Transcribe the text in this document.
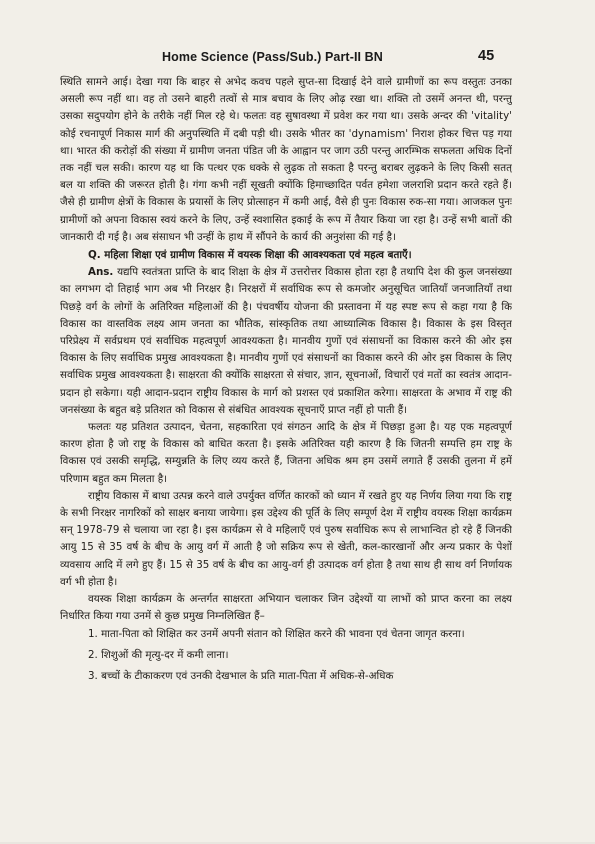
Home Science (Pass/Sub.) Part-II BN	45

स्थिति सामने आई। देखा गया कि बाहर से अभेद कवच पहले सुप्त-सा दिखाई देने वाले ग्रामीणों का रूप वस्तुतः उनका असली रूप नहीं था। वह तो उसने बाहरी तत्वों से मात्र बचाव के लिए ओढ़ रखा था। शक्ति तो उसमें अनन्त थी, परन्तु उसका सदुपयोग होने के तरीके नहीं मिल रहे थे। फलतः वह सुषावस्था में प्रवेश कर गया था। उसके अन्दर की 'vitality' कोई रचनापूर्ण निकास मार्ग की अनुपस्थिति में दबी पड़ी थी। उसके भीतर का 'dynamism' निराश होकर चित्त पड़ गया था। भारत की करोड़ों की संख्या में ग्रामीण जनता पंडित जी के आह्वान पर जाग उठी परन्तु आरम्भिक सफलता अधिक दिनों तक नहीं चल सकी। कारण यह था कि पत्थर एक धक्के से लुढ़क तो सकता है परन्तु बराबर लुढ़कने के लिए किसी सतत् बल या शक्ति की जरूरत होती है। गंगा कभी नहीं सूखती क्योंकि हिमाच्छादित पर्वत हमेशा जलराशि प्रदान करते रहते हैं। जैसे ही ग्रामीण क्षेत्रों के विकास के प्रयासों के लिए प्रोत्साहन में कमी आई, वैसे ही पुनः विकास रुक-सा गया। आजकल पुनः ग्रामीणों को अपना विकास स्वयं करने के लिए, उन्हें स्वशासित इकाई के रूप में तैयार किया जा रहा है। उन्हें सभी बातों की जानकारी दी गई है। अब संसाधन भी उन्हीं के हाथ में सौंपने के कार्य की अनुशंसा की गई है।

Q. महिला शिक्षा एवं ग्रामीण विकास में वयस्क शिक्षा की आवश्यकता एवं महत्व बताएँ।

Ans. यद्यपि स्वतंत्रता प्राप्ति के बाद शिक्षा के क्षेत्र में उत्तरोत्तर विकास होता रहा है तथापि देश की कुल जनसंख्या का लगभग दो तिहाई भाग अब भी निरक्षर है। निरक्षरों में सर्वाधिक रूप से कमजोर अनुसूचित जातियाँ जनजातियाँ तथा पिछड़े वर्ग के लोगों के अतिरिक्त महिलाओं की है। पंचवर्षीय योजना की प्रस्तावना में यह स्पष्ट रूप से कहा गया है कि विकास का वास्तविक लक्ष्य आम जनता का भौतिक, सांस्कृतिक तथा आध्यात्मिक विकास है। विकास के इस विस्तृत परिप्रेक्ष्य में सर्वप्रथम एवं सर्वाधिक महत्वपूर्ण आवश्यकता है। मानवीय गुणों एवं संसाधनों का विकास करने की ओर इस विकास के लिए सर्वाधिक प्रमुख आवश्यकता है। मानवीय गुणों एवं संसाधनों का विकास करने की ओर इस विकास के लिए सर्वाधिक प्रमुख आवश्यकता है। साक्षरता की क्योंकि साक्षरता से संचार, ज्ञान, सूचनाओं, विचारों एवं मतों का स्वतंत्र आदान-प्रदान हो सकेगा। यही आदान-प्रदान राष्ट्रीय विकास के मार्ग को प्रशस्त एवं प्रकाशित करेगा। साक्षरता के अभाव में राष्ट्र की जनसंख्या के बहुत बड़े प्रतिशत को विकास से संबंधित आवश्यक सूचनाएँ प्राप्त नहीं हो पाती हैं।

फलतः यह प्रतिशत उत्पादन, चेतना, सहकारिता एवं संगठन आदि के क्षेत्र में पिछड़ा हुआ है। यह एक महत्वपूर्ण कारण होता है जो राष्ट्र के विकास को बाधित करता है। इसके अतिरिक्त यही कारण है कि जितनी सम्पत्ति हम राष्ट्र के विकास एवं उसकी समृद्धि, सम्युन्नति के लिए व्यय करते हैं, जितना अधिक श्रम हम उसमें लगाते हैं उसकी तुलना में हमें परिणाम बहुत कम मिलता है।

राष्ट्रीय विकास में बाधा उत्पन्न करने वाले उपर्युक्त वर्णित कारकों को ध्यान में रखते हुए यह निर्णय लिया गया कि राष्ट्र के सभी निरक्षर नागरिकों को साक्षर बनाया जायेगा। इस उद्देश्य की पूर्ति के लिए सम्पूर्ण देश में राष्ट्रीय वयस्क शिक्षा कार्यक्रम सन् 1978-79 से चलाया जा रहा है। इस कार्यक्रम से वे महिलाएँ एवं पुरुष सर्वाधिक रूप से लाभान्वित हो रहे हैं जिनकी आयु 15 से 35 वर्ष के बीच के आयु वर्ग में आती है जो सक्रिय रूप से खेती, कल-कारखानों और अन्य प्रकार के पेशों व्यवसाय आदि में लगे हुए हैं। 15 से 35 वर्ष के बीच का आयु-वर्ग ही उत्पादक वर्ग होता है तथा साथ ही साथ वर्ग निर्णायक वर्ग भी होता है।

वयस्क शिक्षा कार्यक्रम के अन्तर्गत साक्षरता अभियान चलाकर जिन उद्देश्यों या लाभों को प्राप्त करना का लक्ष्य निर्धारित किया गया उनमें से कुछ प्रमुख निम्नलिखित हैं–

1. माता-पिता को शिक्षित कर उनमें अपनी संतान को शिक्षित करने की भावना एवं चेतना जागृत करना।

2. शिशुओं की मृत्यु-दर में कमी लाना।

3. बच्चों के टीकाकरण एवं उनकी देखभाल के प्रति माता-पिता में अधिक-से-अधिक
